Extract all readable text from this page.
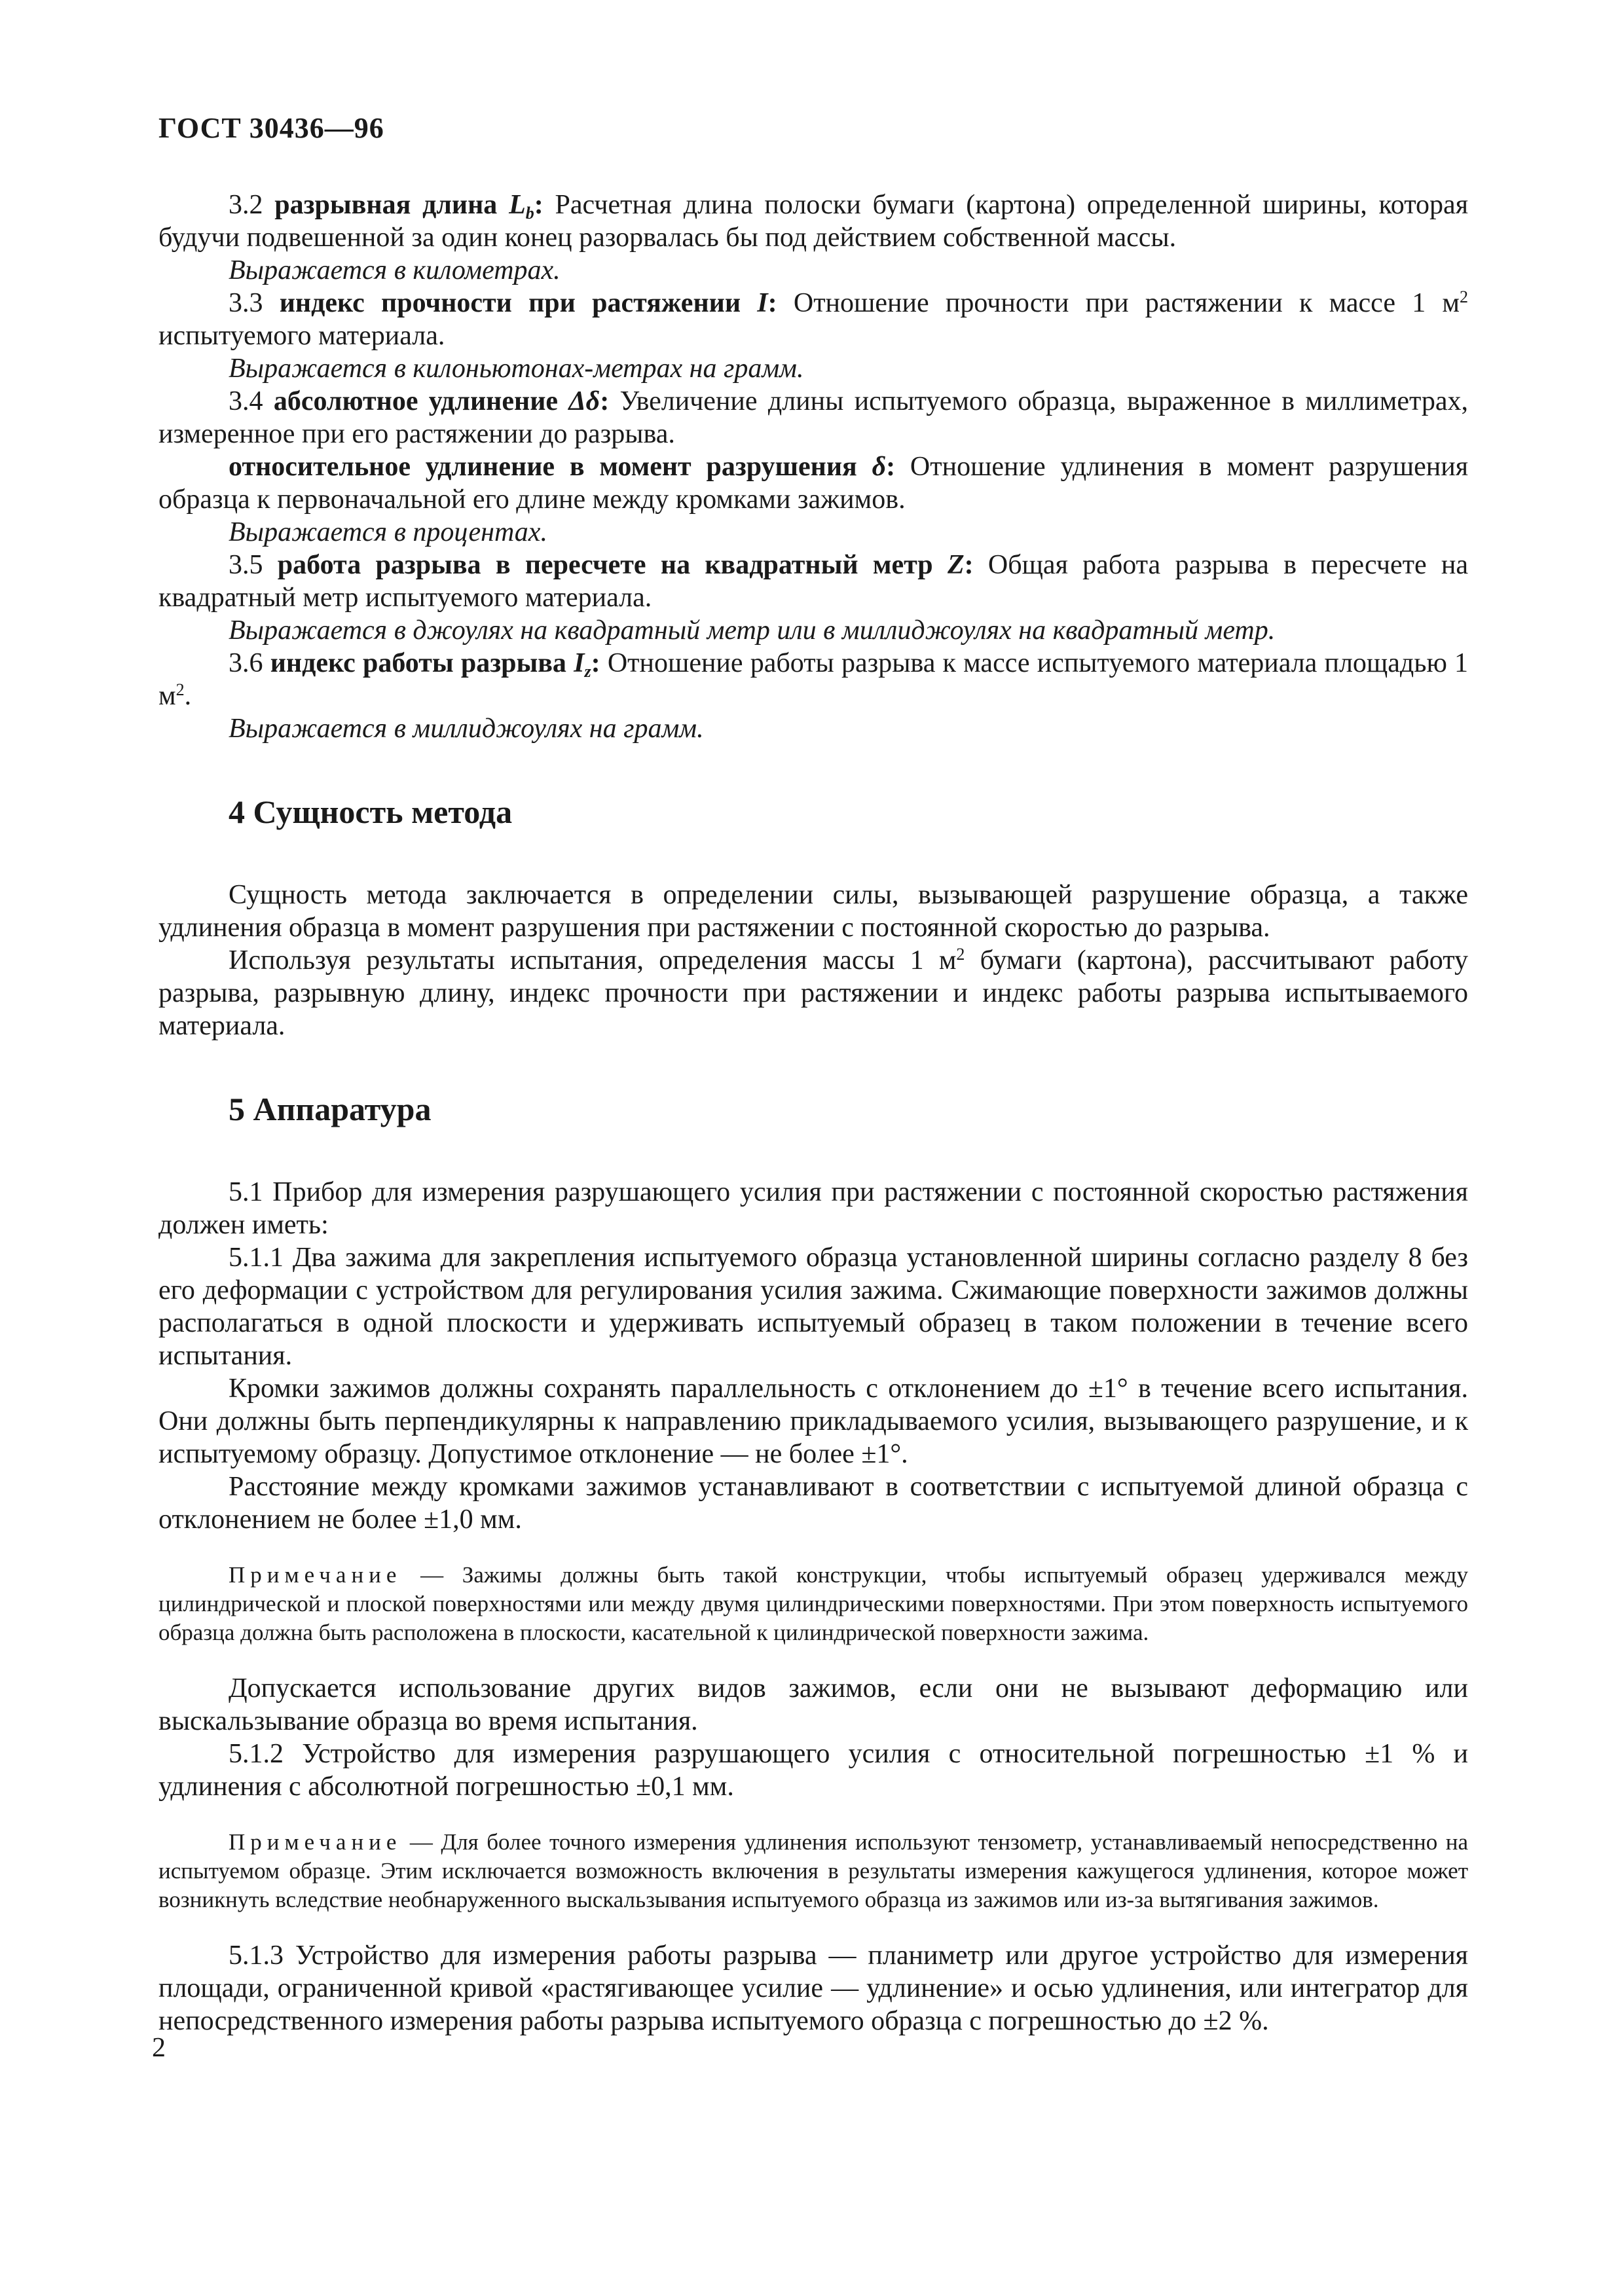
ГОСТ 30436—96

3.2 разрывная длина $L_b$: Расчетная длина полоски бумаги (картона) определенной ширины, которая будучи подвешенной за один конец разорвалась бы под действием собственной массы.

Выражается в километрах.

3.3 индекс прочности при растяжении I: Отношение прочности при растяжении к массе 1 $м^2$ испытуемого материала.

Выражается в килоньютонах-метрах на грамм.

3.4 абсолютное удлинение Δδ: Увеличение длины испытуемого образца, выраженное в миллиметрах, измеренное при его растяжении до разрыва.

относительное удлинение в момент разрушения δ: Отношение удлинения в момент разрушения образца к первоначальной его длине между кромками зажимов.

Выражается в процентах.

3.5 работа разрыва в пересчете на квадратный метр Z: Общая работа разрыва в пересчете на квадратный метр испытуемого материала.

Выражается в джоулях на квадратный метр или в миллиджоулях на квадратный метр.

3.6 индекс работы разрыва $I_z$: Отношение работы разрыва к массе испытуемого материала площадью 1 $м^2$.

Выражается в миллиджоулях на грамм.

4 Сущность метода

Сущность метода заключается в определении силы, вызывающей разрушение образца, а также удлинения образца в момент разрушения при растяжении с постоянной скоростью до разрыва.

Используя результаты испытания, определения массы 1 $м^2$ бумаги (картона), рассчитывают работу разрыва, разрывную длину, индекс прочности при растяжении и индекс работы разрыва испытываемого материала.

5 Аппаратура

5.1 Прибор для измерения разрушающего усилия при растяжении с постоянной скоростью растяжения должен иметь:

5.1.1 Два зажима для закрепления испытуемого образца установленной ширины согласно разделу 8 без его деформации с устройством для регулирования усилия зажима. Сжимающие поверхности зажимов должны располагаться в одной плоскости и удерживать испытуемый образец в таком положении в течение всего испытания.

Кромки зажимов должны сохранять параллельность с отклонением до ±1° в течение всего испытания. Они должны быть перпендикулярны к направлению прикладываемого усилия, вызывающего разрушение, и к испытуемому образцу. Допустимое отклонение — не более ±1°.

Расстояние между кромками зажимов устанавливают в соответствии с испытуемой длиной образца с отклонением не более ±1,0 мм.

Примечание — Зажимы должны быть такой конструкции, чтобы испытуемый образец удерживался между цилиндрической и плоской поверхностями или между двумя цилиндрическими поверхностями. При этом поверхность испытуемого образца должна быть расположена в плоскости, касательной к цилиндрической поверхности зажима.

Допускается использование других видов зажимов, если они не вызывают деформацию или выскальзывание образца во время испытания.

5.1.2 Устройство для измерения разрушающего усилия с относительной погрешностью ±1 % и удлинения с абсолютной погрешностью ±0,1 мм.

Примечание — Для более точного измерения удлинения используют тензометр, устанавливаемый непосредственно на испытуемом образце. Этим исключается возможность включения в результаты измерения кажущегося удлинения, которое может возникнуть вследствие необнаруженного выскальзывания испытуемого образца из зажимов или из-за вытягивания зажимов.

5.1.3 Устройство для измерения работы разрыва — планиметр или другое устройство для измерения площади, ограниченной кривой «растягивающее усилие — удлинение» и осью удлинения, или интегратор для непосредственного измерения работы разрыва испытуемого образца с погрешностью до ±2 %.

2
